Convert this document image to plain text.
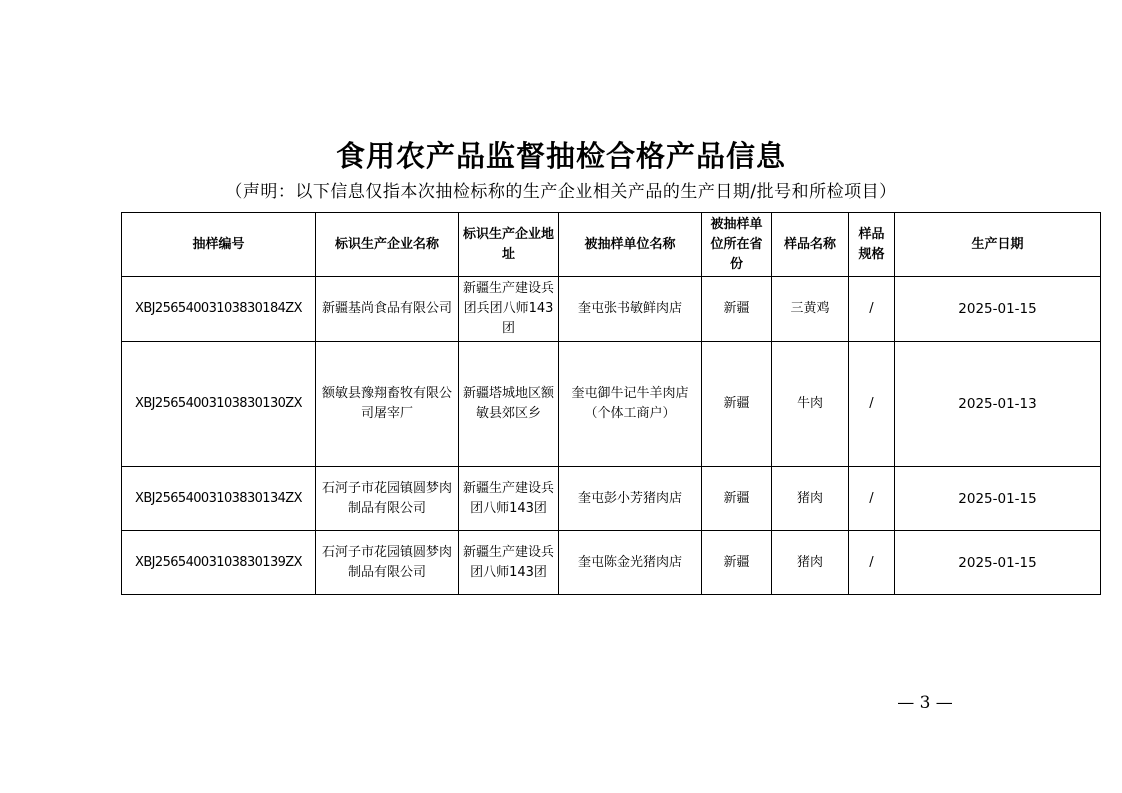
食用农产品监督抽检合格产品信息
（声明：以下信息仅指本次抽检标称的生产企业相关产品的生产日期/批号和所检项目）
抽样编号	标识生产企业名称	标识生产企业地址	被抽样单位名称	被抽样单位所在省份	样品名称	样品规格	生产日期
XBJ25654003103830184ZX	新疆基尚食品有限公司	新疆生产建设兵团兵团八师143团	奎屯张书敏鲜肉店	新疆	三黄鸡	/	2025-01-15
XBJ25654003103830130ZX	额敏县豫翔畜牧有限公司屠宰厂	新疆塔城地区额敏县郊区乡	奎屯御牛记牛羊肉店（个体工商户）	新疆	牛肉	/	2025-01-13
XBJ25654003103830134ZX	石河子市花园镇圆梦肉制品有限公司	新疆生产建设兵团八师143团	奎屯彭小芳猪肉店	新疆	猪肉	/	2025-01-15
XBJ25654003103830139ZX	石河子市花园镇圆梦肉制品有限公司	新疆生产建设兵团八师143团	奎屯陈金光猪肉店	新疆	猪肉	/	2025-01-15
— 3 —
